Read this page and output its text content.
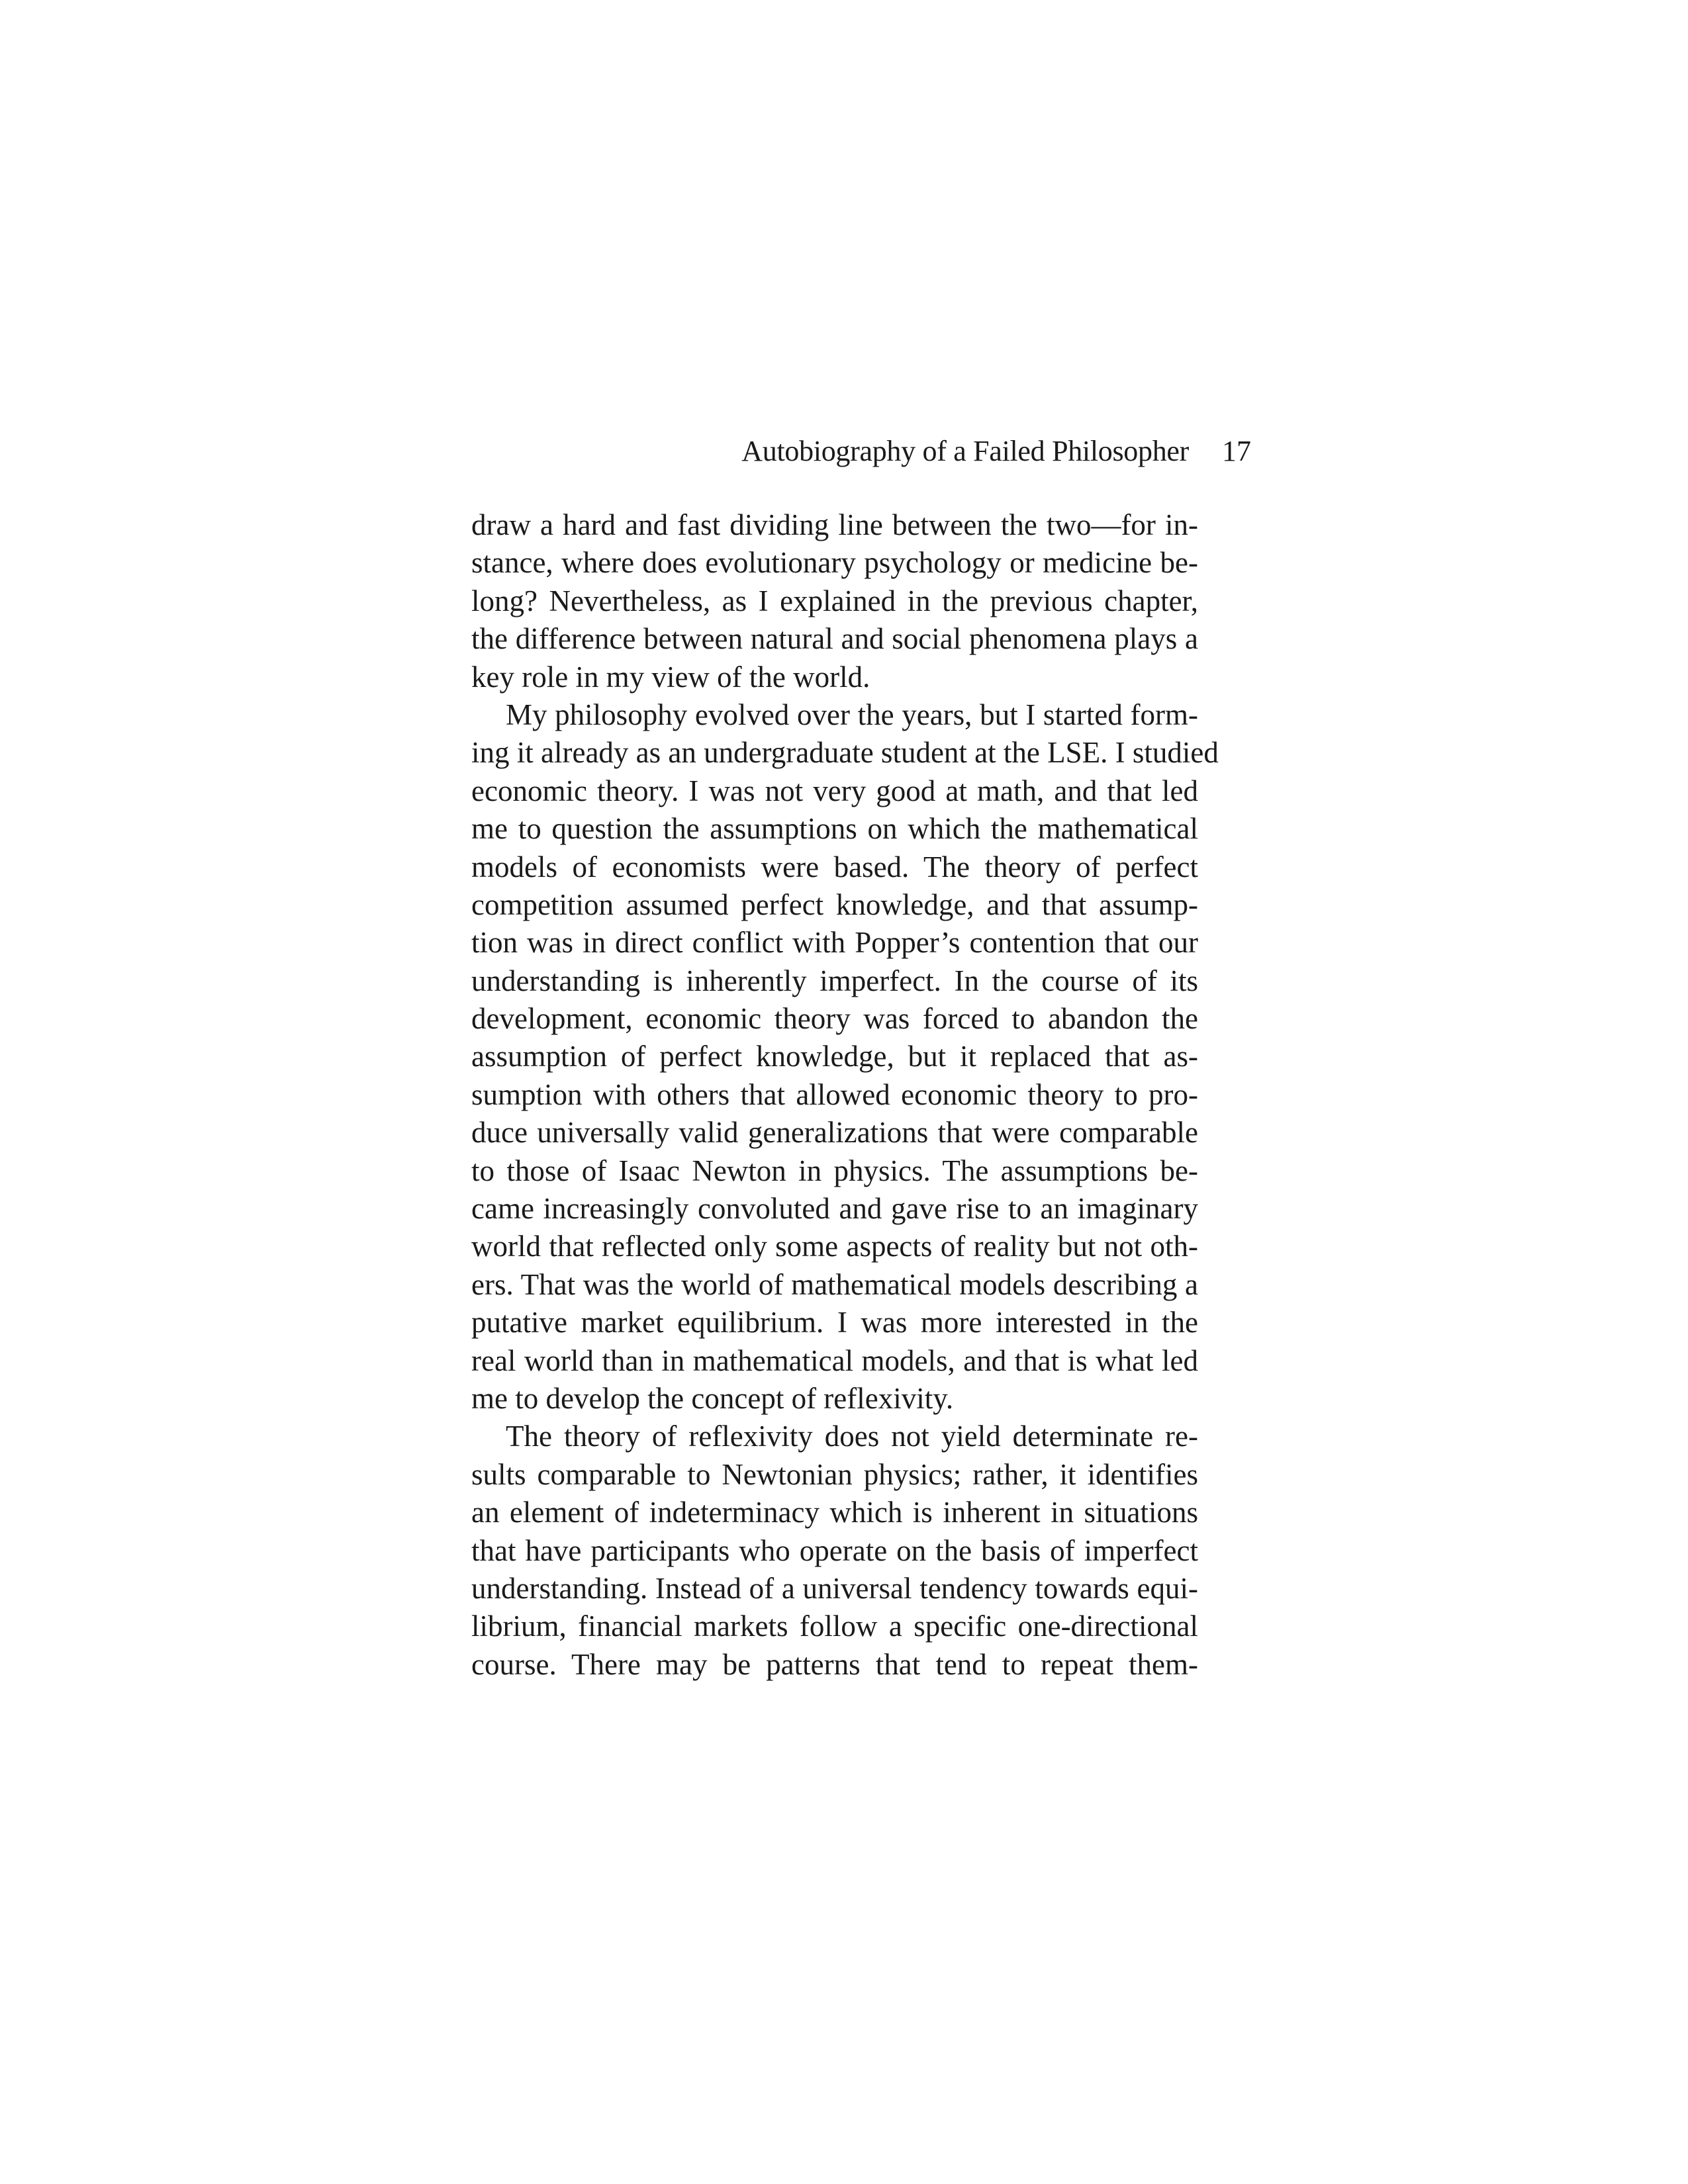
Autobiography of a Failed Philosopher 17
draw a hard and fast dividing line between the two—for in-
stance, where does evolutionary psychology or medicine be-
long? Nevertheless, as I explained in the previous chapter,
the difference between natural and social phenomena plays a
key role in my view of the world.
My philosophy evolved over the years, but I started form-
ing it already as an undergraduate student at the LSE. I studied
economic theory. I was not very good at math, and that led
me to question the assumptions on which the mathematical
models of economists were based. The theory of perfect
competition assumed perfect knowledge, and that assump-
tion was in direct conflict with Popper’s contention that our
understanding is inherently imperfect. In the course of its
development, economic theory was forced to abandon the
assumption of perfect knowledge, but it replaced that as-
sumption with others that allowed economic theory to pro-
duce universally valid generalizations that were comparable
to those of Isaac Newton in physics. The assumptions be-
came increasingly convoluted and gave rise to an imaginary
world that reflected only some aspects of reality but not oth-
ers. That was the world of mathematical models describing a
putative market equilibrium. I was more interested in the
real world than in mathematical models, and that is what led
me to develop the concept of reflexivity.
The theory of reflexivity does not yield determinate re-
sults comparable to Newtonian physics; rather, it identifies
an element of indeterminacy which is inherent in situations
that have participants who operate on the basis of imperfect
understanding. Instead of a universal tendency towards equi-
librium, financial markets follow a specific one-directional
course. There may be patterns that tend to repeat them-
